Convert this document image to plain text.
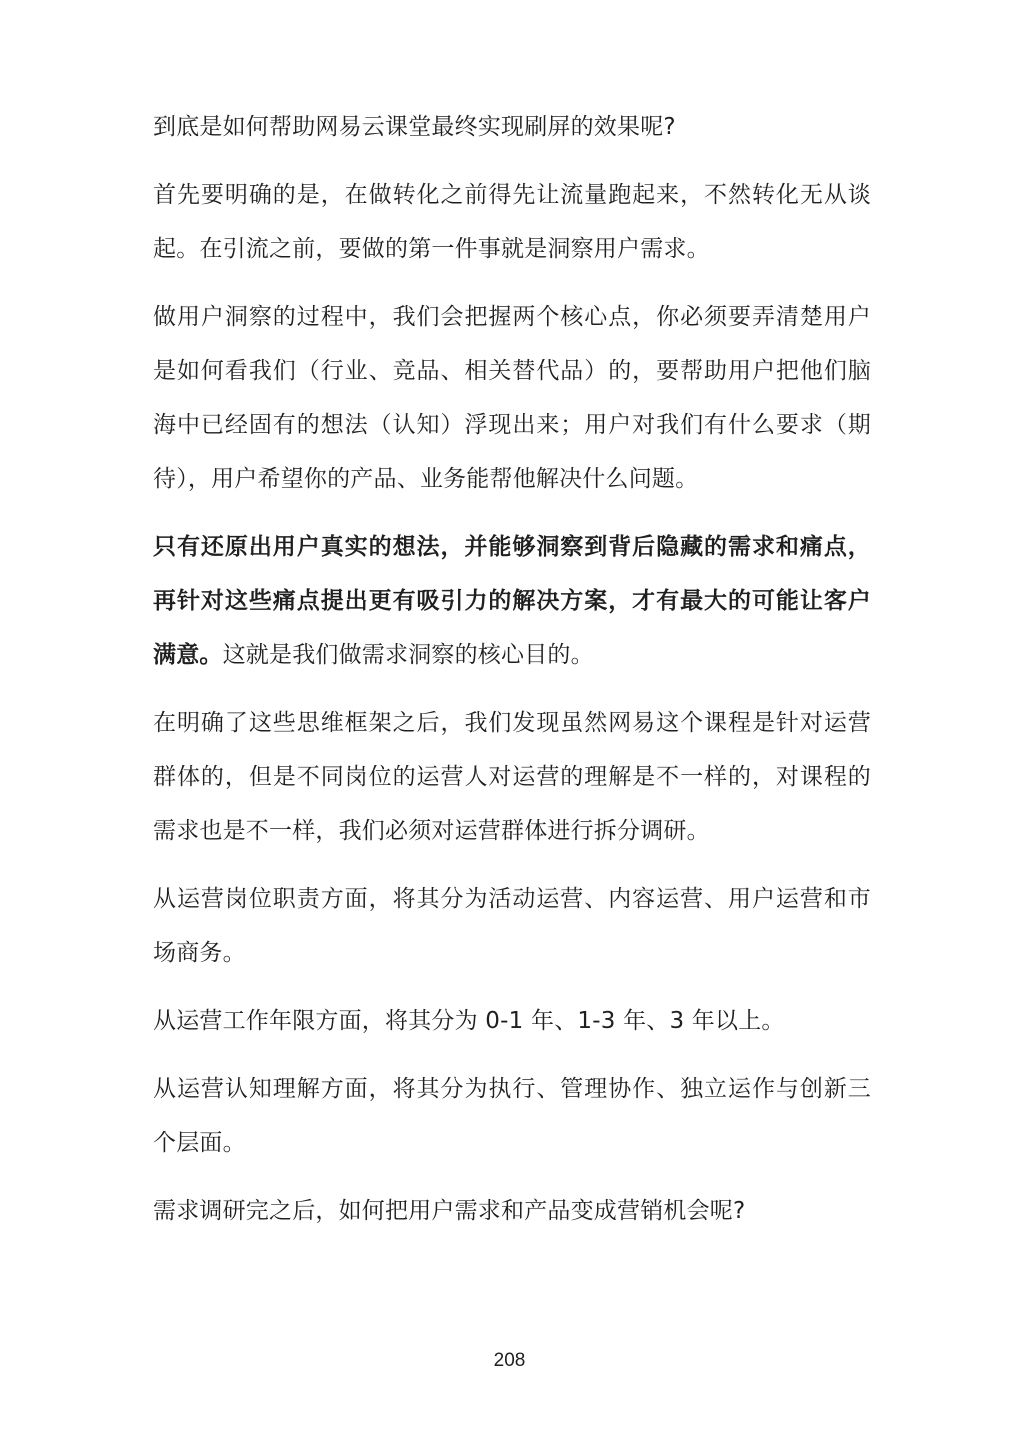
到底是如何帮助网易云课堂最终实现刷屏的效果呢?

首先要明确的是，在做转化之前得先让流量跑起来，不然转化无从谈起。在引流之前，要做的第一件事就是洞察用户需求。

做用户洞察的过程中，我们会把握两个核心点，你必须要弄清楚用户是如何看我们（行业、竞品、相关替代品）的，要帮助用户把他们脑海中已经固有的想法（认知）浮现出来；用户对我们有什么要求（期待），用户希望你的产品、业务能帮他解决什么问题。

只有还原出用户真实的想法，并能够洞察到背后隐藏的需求和痛点，再针对这些痛点提出更有吸引力的解决方案，才有最大的可能让客户满意。这就是我们做需求洞察的核心目的。

在明确了这些思维框架之后，我们发现虽然网易这个课程是针对运营群体的，但是不同岗位的运营人对运营的理解是不一样的，对课程的需求也是不一样，我们必须对运营群体进行拆分调研。

从运营岗位职责方面，将其分为活动运营、内容运营、用户运营和市场商务。

从运营工作年限方面，将其分为 0-1 年、1-3 年、3 年以上。

从运营认知理解方面，将其分为执行、管理协作、独立运作与创新三个层面。

需求调研完之后，如何把用户需求和产品变成营销机会呢?

208
